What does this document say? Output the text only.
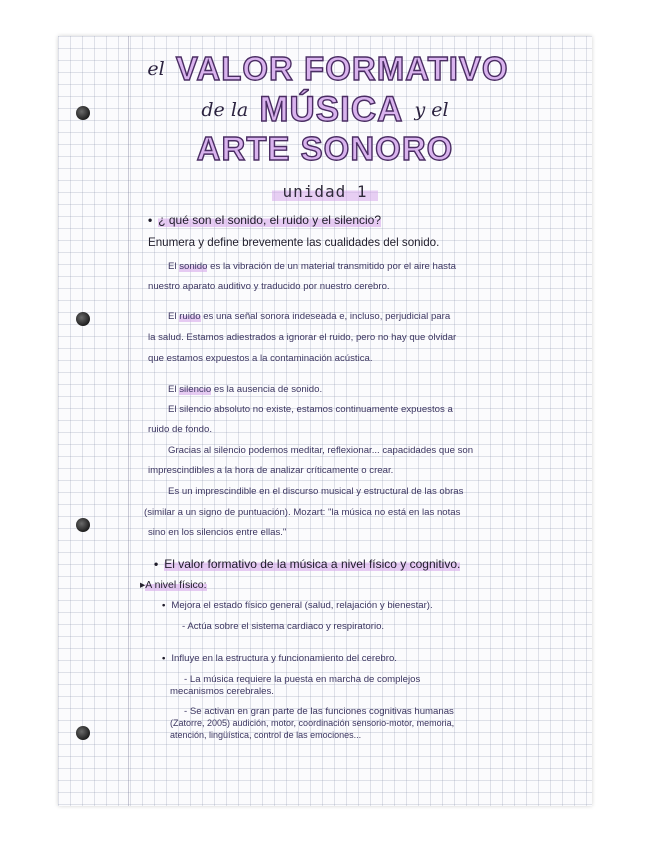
el VALOR FORMATIVO
de la MÚSICA y el
ARTE SONORO
unidad 1
• ¿ qué son el sonido, el ruido y el silencio?
Enumera y define brevemente las cualidades del sonido.
El sonido es la vibración de un material transmitido por el aire hasta
nuestro aparato auditivo y traducido por nuestro cerebro.
El ruido es una señal sonora indeseada e, incluso, perjudicial para
la salud. Estamos adiestrados a ignorar el ruido, pero no hay que olvidar
que estamos expuestos a la contaminación acústica.
El silencio es la ausencia de sonido.
El silencio absoluto no existe, estamos continuamente expuestos a
ruido de fondo.
Gracias al silencio podemos meditar, reflexionar... capacidades que son
imprescindibles a la hora de analizar críticamente o crear.
Es un imprescindible en el discurso musical y estructural de las obras
(similar a un signo de puntuación). Mozart: "la música no está en las notas
sino en los silencios entre ellas."
• El valor formativo de la música a nivel físico y cognitivo.
▸A nivel físico:
• Mejora el estado físico general (salud, relajación y bienestar).
- Actúa sobre el sistema cardiaco y respiratorio.
• Influye en la estructura y funcionamiento del cerebro.
- La música requiere la puesta en marcha de complejos
mecanismos cerebrales.
- Se activan en gran parte de las funciones cognitivas humanas
(Zatorre, 2005) audición, motor, coordinación sensorio-motor, memoria,
atención, lingüística, control de las emociones...
